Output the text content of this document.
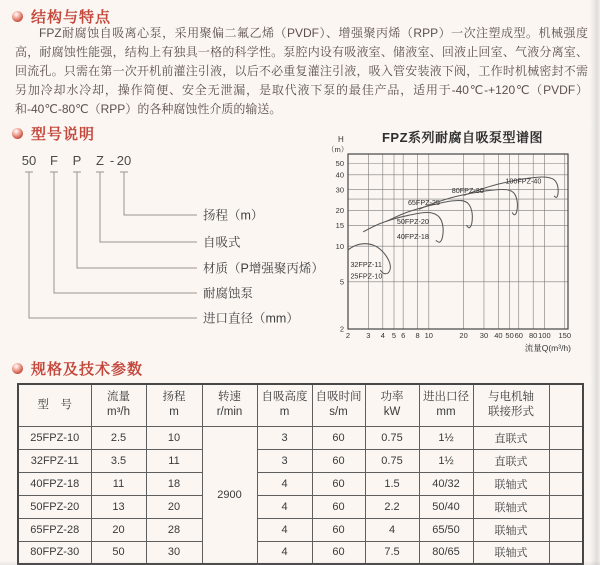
结构与特点
FPZ耐腐蚀自吸离心泵，采用聚偏二氟乙烯（PVDF）、增强聚丙烯（RPP）一次注塑成型。机械强度高，耐腐蚀性能强，结构上有独具一格的科学性。泵腔内设有吸液室、储液室、回液止回室、气液分离室、回流孔。只需在第一次开机前灌注引液，以后不必重复灌注引液，吸入管安装液下阀，工作时机械密封不需另加冷却水冷却，操作简便、安全无泄漏，是取代液下泵的最佳产品，适用于-40℃-+120℃（PVDF）和-40℃-80℃（RPP）的各种腐蚀性介质的输送。
型号说明
50 F P Z - 20
扬程（m）
自吸式
材质（P增强聚丙烯）
耐腐蚀泵
进口直径（mm）
FPZ系列耐腐自吸泵型谱图
2 3 4 5 6 8 10	20 30 40 50 60 80 100 150
2
5
10
15
20
30
40
50
H
（m）
流量Q(m³/h)
32FPZ-11
25FPZ-10
50FPZ-20
40FPZ-18
65FPZ-25
80FPZ-30
100FPZ-40
规格及技术参数
型　号

流量
m³/h

扬程
m

转速
r/min

自吸高度
m

自吸时间
s/m

功率
kW

进出口径
mm

与电机轴
联接形式

25FPZ-10	2.5	10	2900	3	60	0.75	1½	直联式	
32FPZ-11	3.5	11		3	60	0.75	1½	直联式	
40FPZ-18	11	18		4	60	1.5	40/32	联轴式	
50FPZ-20	13	20		4	60	2.2	50/40	联轴式	
65FPZ-28	20	28		4	60	4	65/50	联轴式	
80FPZ-30	50	30		4	60	7.5	80/65	联轴式	
